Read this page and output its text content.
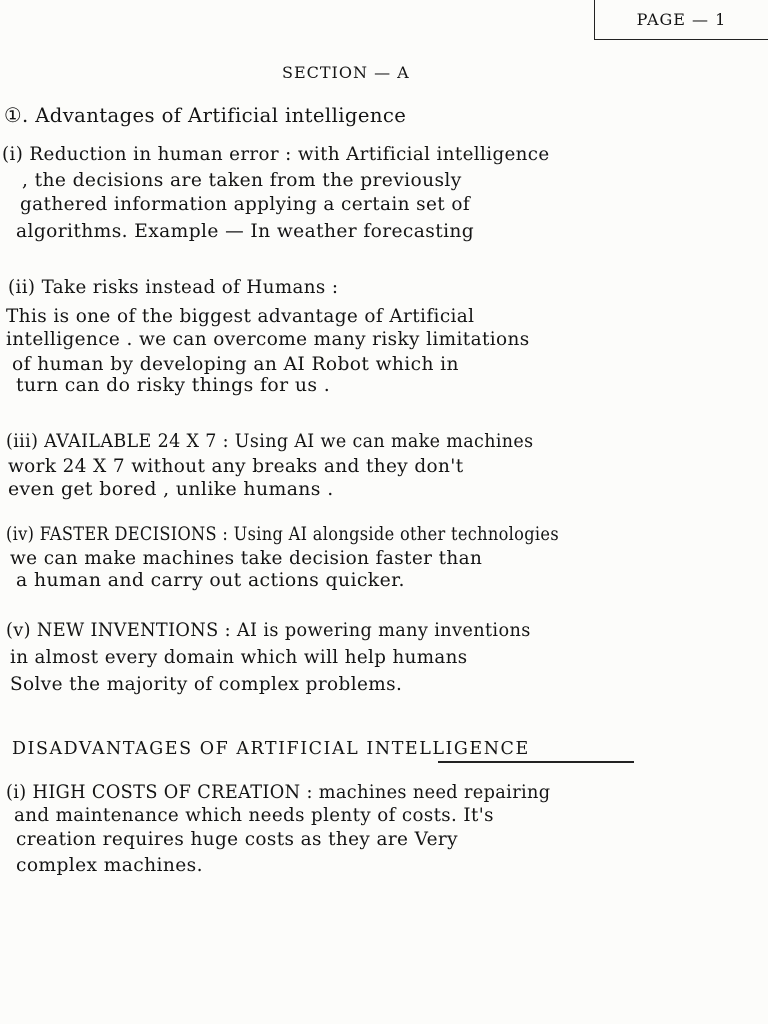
PAGE — 1
SECTION — A
①. Advantages of Artificial intelligence
(i) Reduction in human error : with Artificial intelligence
, the decisions are taken from the previously
gathered information applying a certain set of
algorithms. Example — In weather forecasting
(ii) Take risks instead of Humans :
This is one of the biggest advantage of Artificial
intelligence . we can overcome many risky limitations
of human by developing an AI Robot which in
turn can do risky things for us .
(iii) AVAILABLE 24 X 7 : Using AI we can make machines
work 24 X 7 without any breaks and they don't
even get bored , unlike humans .
(iv) FASTER DECISIONS : Using AI alongside other technologies
we can make machines take decision faster than
a human and carry out actions quicker.
(v) NEW INVENTIONS : AI is powering many inventions
in almost every domain which will help humans
Solve the majority of complex problems.
DISADVANTAGES OF ARTIFICIAL INTELLIGENCE
(i) HIGH COSTS OF CREATION : machines need repairing
and maintenance which needs plenty of costs. It's
creation requires huge costs as they are Very
complex machines.
